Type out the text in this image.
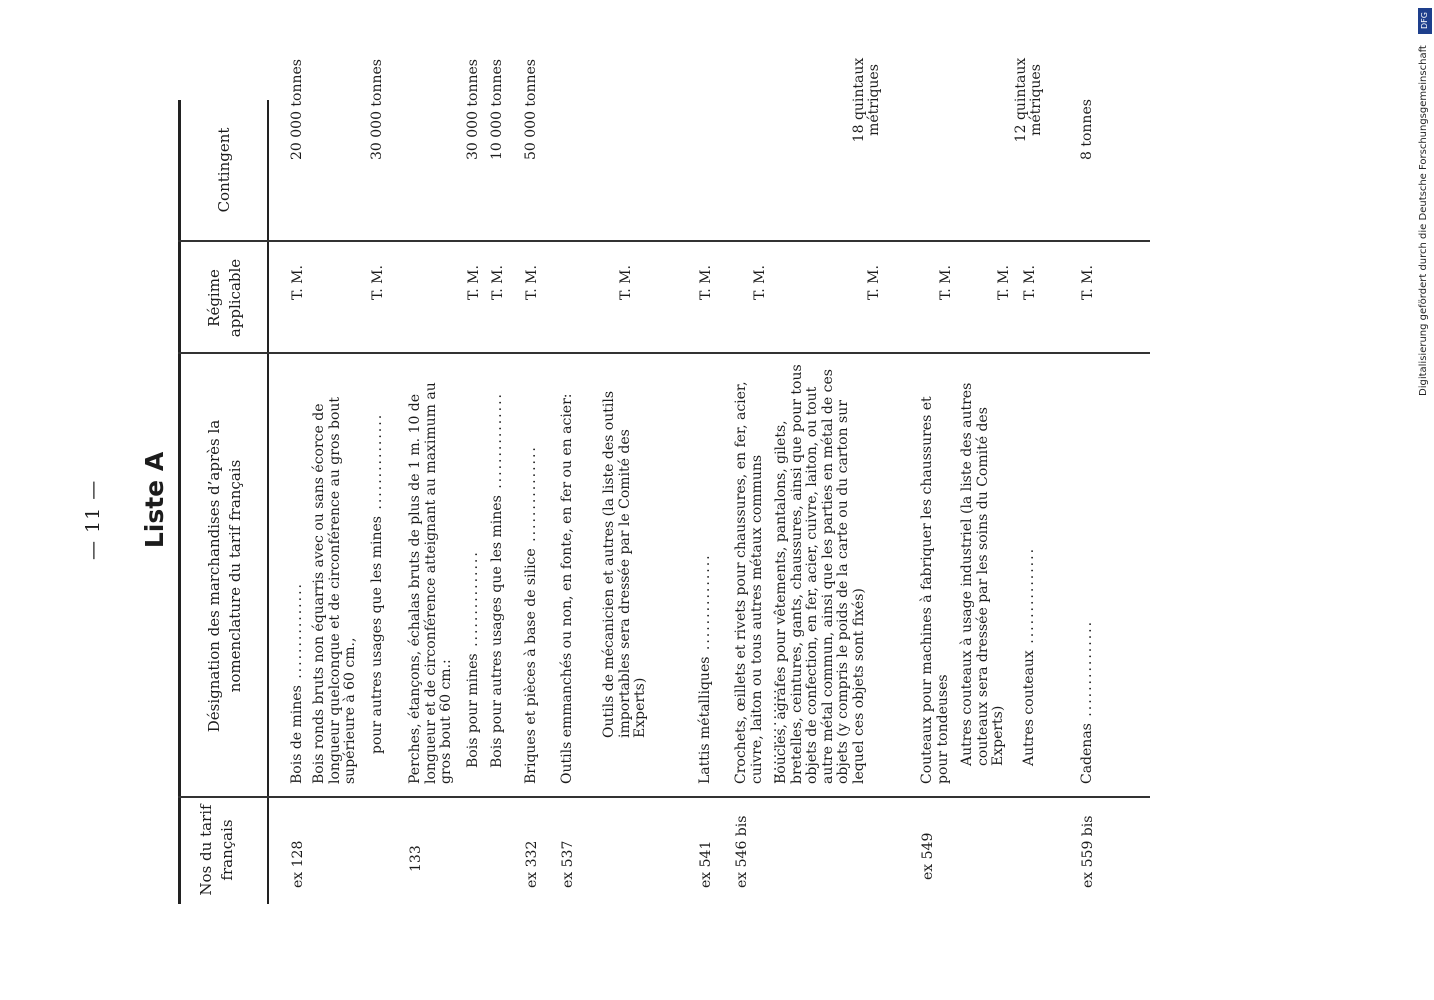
— 11 — Liste A
Nos du tarif français
Désignation des marchandises d’après la nomenclature du tarif français
Régime applicable
Contingent
ex 128
Bois de mines .....
T. M.
20 000 tonnes
Bois ronds bruts non équarris avec ou sans écorce de longueur quelconque et de circonférence au gros bout supérieure à 60 cm., pour autres usages que les mines .....
T. M.
30 000 tonnes
133
Perches, étançons, échalas bruts de plus de 1 m. 10 de longueur et de circonférence atteignant au maximum au gros bout 60 cm.: Bois pour mines .....
T. M.
30 000 tonnes
Bois pour autres usages que les mines .....
T. M.
10 000 tonnes
ex 332
Briques et pièces à base de silice .....
T. M.
50 000 tonnes
ex 537
Outils emmanchés ou non, en fonte, en fer ou en acier: Outils de mécanicien et autres (la liste des outils importables sera dressée par le Comité des Experts)
T. M.
ex 541
Lattis métalliques .....
T. M.
ex 546 bis
Crochets, œillets et rivets pour chaussures, en fer, acier, cuivre, laiton ou tous autres métaux communs .....
T. M.
Boucles, agrafes pour vêtements, pantalons, gilets, bretelles, ceintures, gants, chaussures, ainsi que pour tous objets de confection, en fer, acier, cuivre, laiton, ou tout autre métal commun, ainsi que les parties en métal de ces objets (y compris le poids de la carte ou du carton sur lequel ces objets sont fixés)
T. M.
18 quintaux métriques
ex 549
Couteaux pour machines à fabriquer les chaussures et pour tondeuses
T. M.
Autres couteaux à usage industriel (la liste des autres couteaux sera dressée par les soins du Comité des Experts)
T. M.
Autres couteaux .....
T. M.
12 quintaux métriques
ex 559 bis
Cadenas .....
T. M.
8 tonnes
DFG
Digitalisierung gefördert durch die Deutsche Forschungsgemeinschaft
